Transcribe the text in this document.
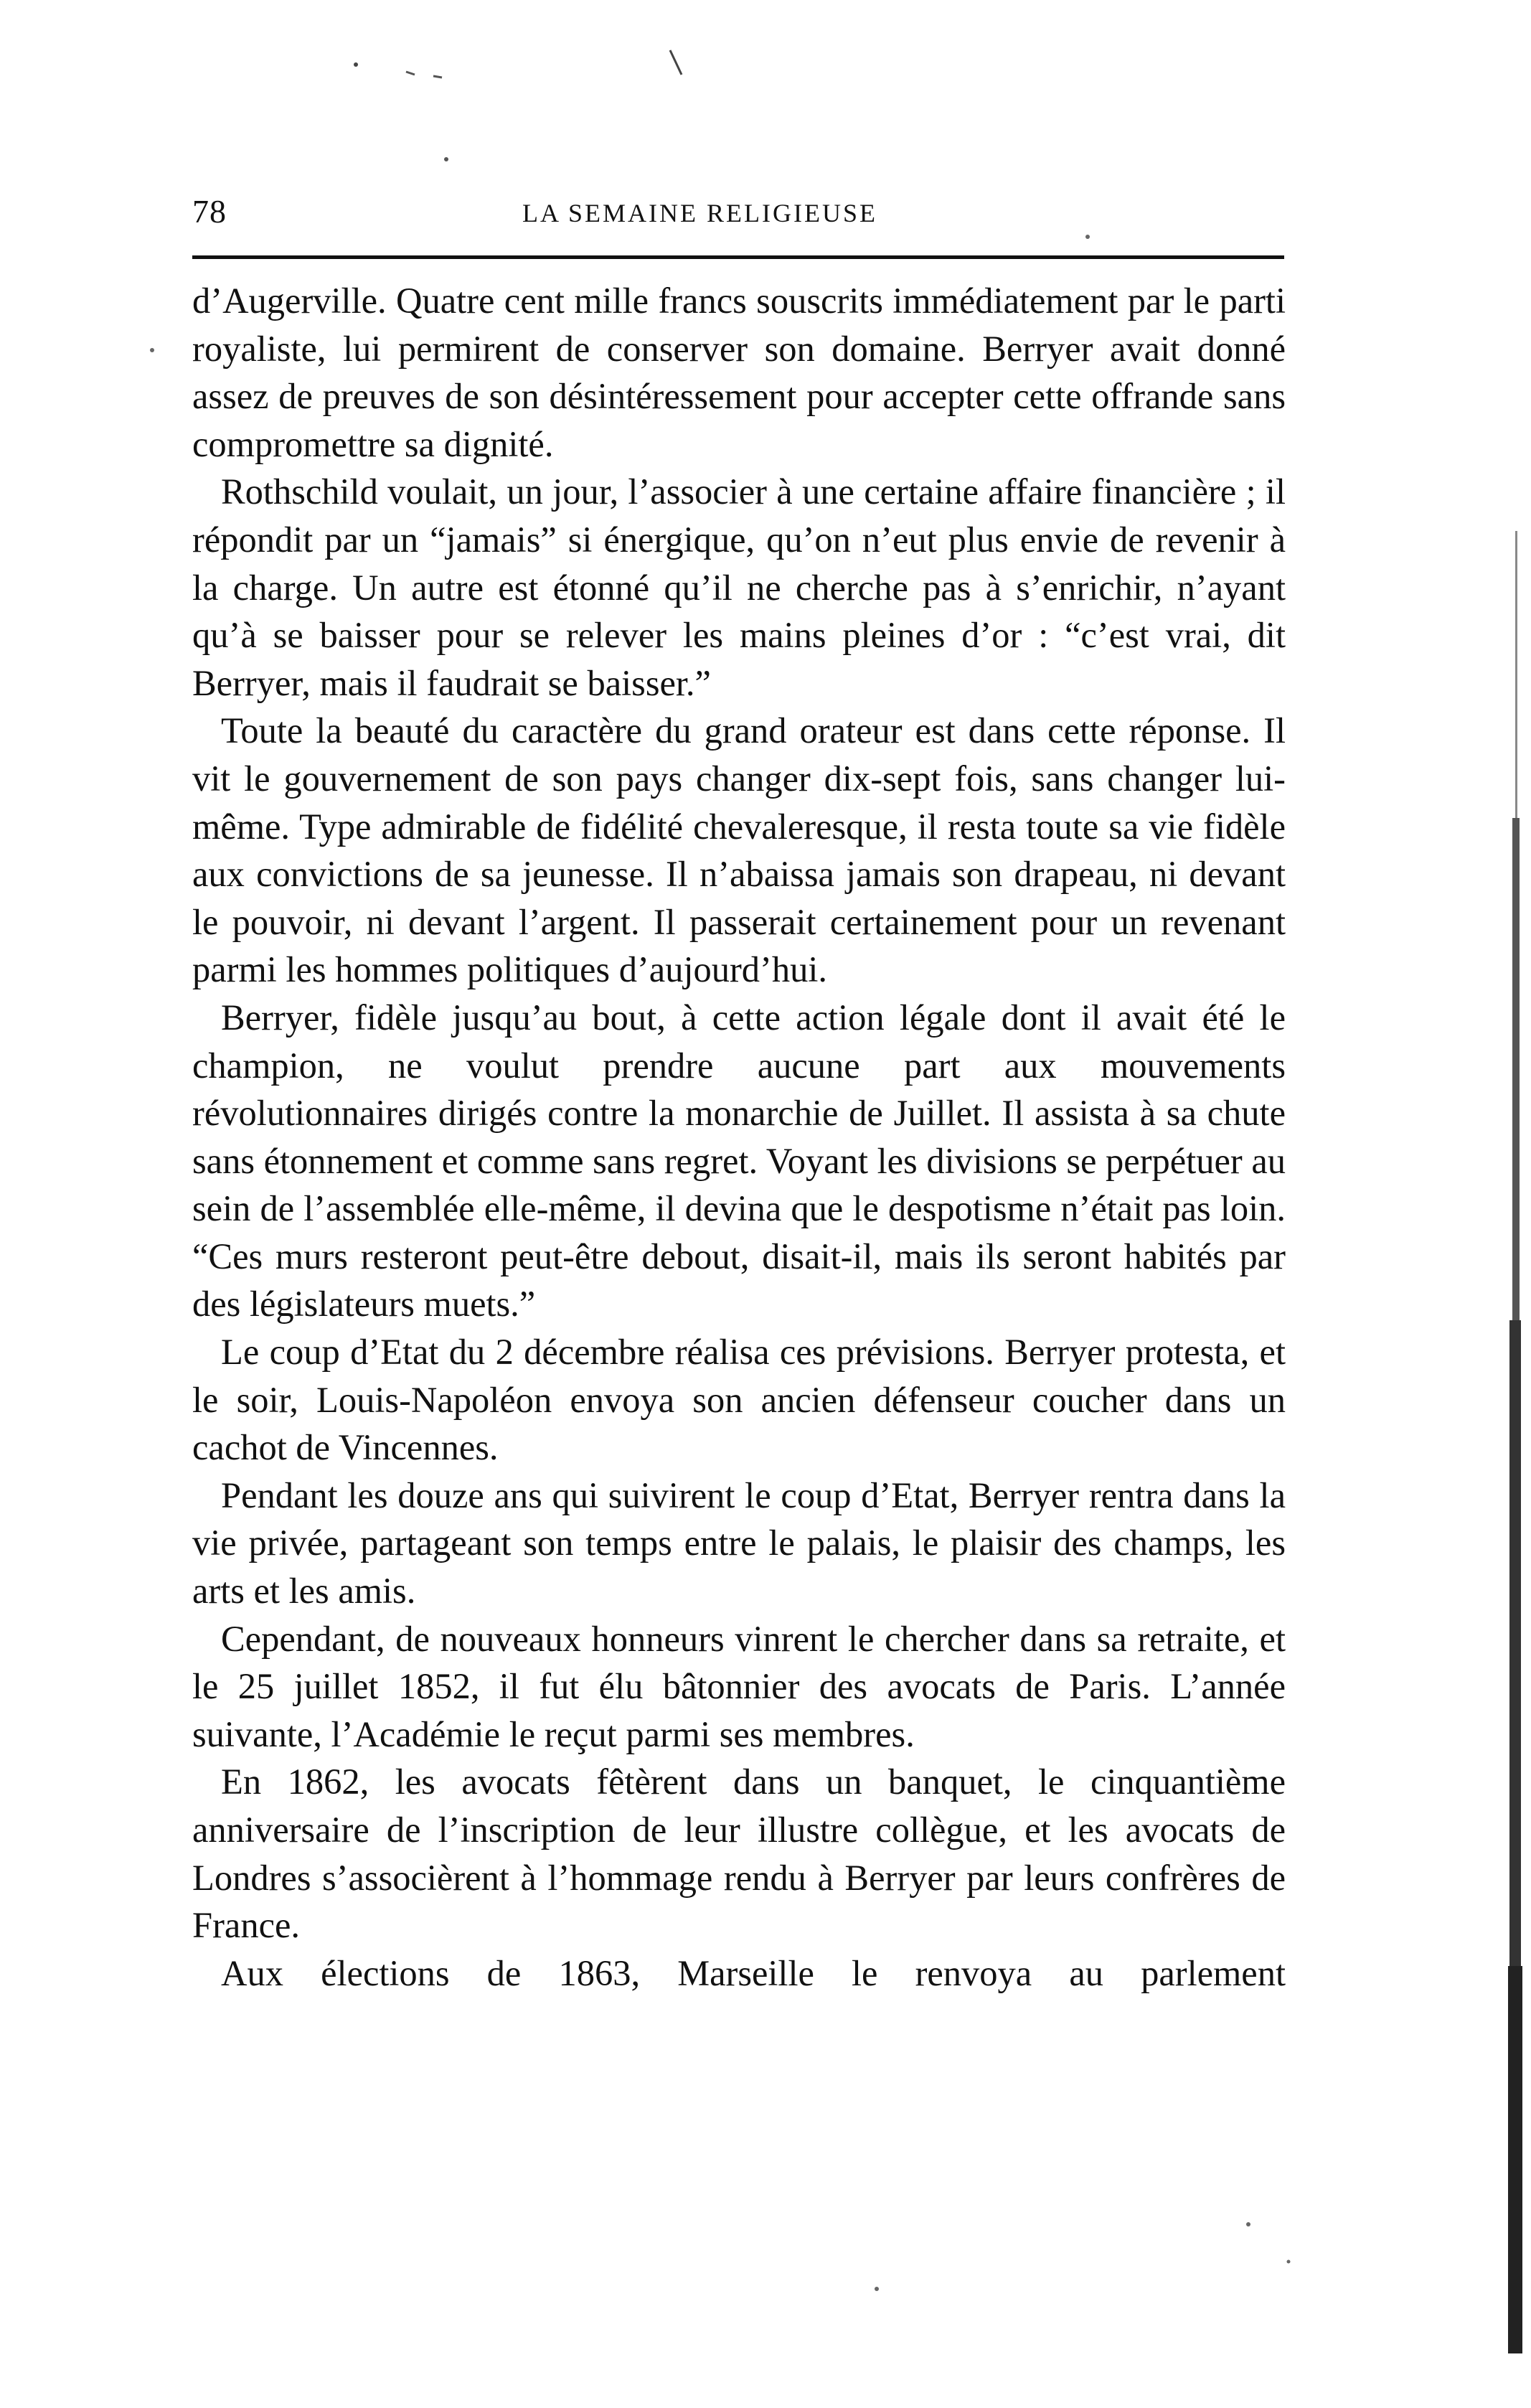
78	LA SEMAINE RELIGIEUSE

d’Augerville. Quatre cent mille francs souscrits immédiatement par le parti royaliste, lui permirent de conserver son domaine. Berryer avait donné assez de preuves de son désintéressement pour accepter cette offrande sans compromettre sa dignité.

Rothschild voulait, un jour, l’associer à une certaine affaire financière ; il répondit par un “jamais” si énergique, qu’on n’eut plus envie de revenir à la charge. Un autre est étonné qu’il ne cherche pas à s’enrichir, n’ayant qu’à se baisser pour se relever les mains pleines d’or : “c’est vrai, dit Berryer, mais il faudrait se baisser.”

Toute la beauté du caractère du grand orateur est dans cette réponse. Il vit le gouvernement de son pays changer dix-sept fois, sans changer lui-même. Type admirable de fidélité chevaleresque, il resta toute sa vie fidèle aux convictions de sa jeunesse. Il n’abaissa jamais son drapeau, ni devant le pouvoir, ni devant l’argent. Il passerait certainement pour un revenant parmi les hommes politiques d’aujourd’hui.

Berryer, fidèle jusqu’au bout, à cette action légale dont il avait été le champion, ne voulut prendre aucune part aux mouvements révolutionnaires dirigés contre la monarchie de Juillet. Il assista à sa chute sans étonnement et comme sans regret. Voyant les divisions se perpétuer au sein de l’assemblée elle-même, il devina que le despotisme n’était pas loin. “Ces murs resteront peut-être debout, disait-il, mais ils seront habités par des législateurs muets.”

Le coup d’Etat du 2 décembre réalisa ces prévisions. Berryer protesta, et le soir, Louis-Napoléon envoya son ancien défenseur coucher dans un cachot de Vincennes.

Pendant les douze ans qui suivirent le coup d’Etat, Berryer rentra dans la vie privée, partageant son temps entre le palais, le plaisir des champs, les arts et les amis.

Cependant, de nouveaux honneurs vinrent le chercher dans sa retraite, et le 25 juillet 1852, il fut élu bâtonnier des avocats de Paris. L’année suivante, l’Académie le reçut parmi ses membres.

En 1862, les avocats fêtèrent dans un banquet, le cinquantième anniversaire de l’inscription de leur illustre collègue, et les avocats de Londres s’associèrent à l’hommage rendu à Berryer par leurs confrères de France.

Aux élections de 1863, Marseille le renvoya au parlement
